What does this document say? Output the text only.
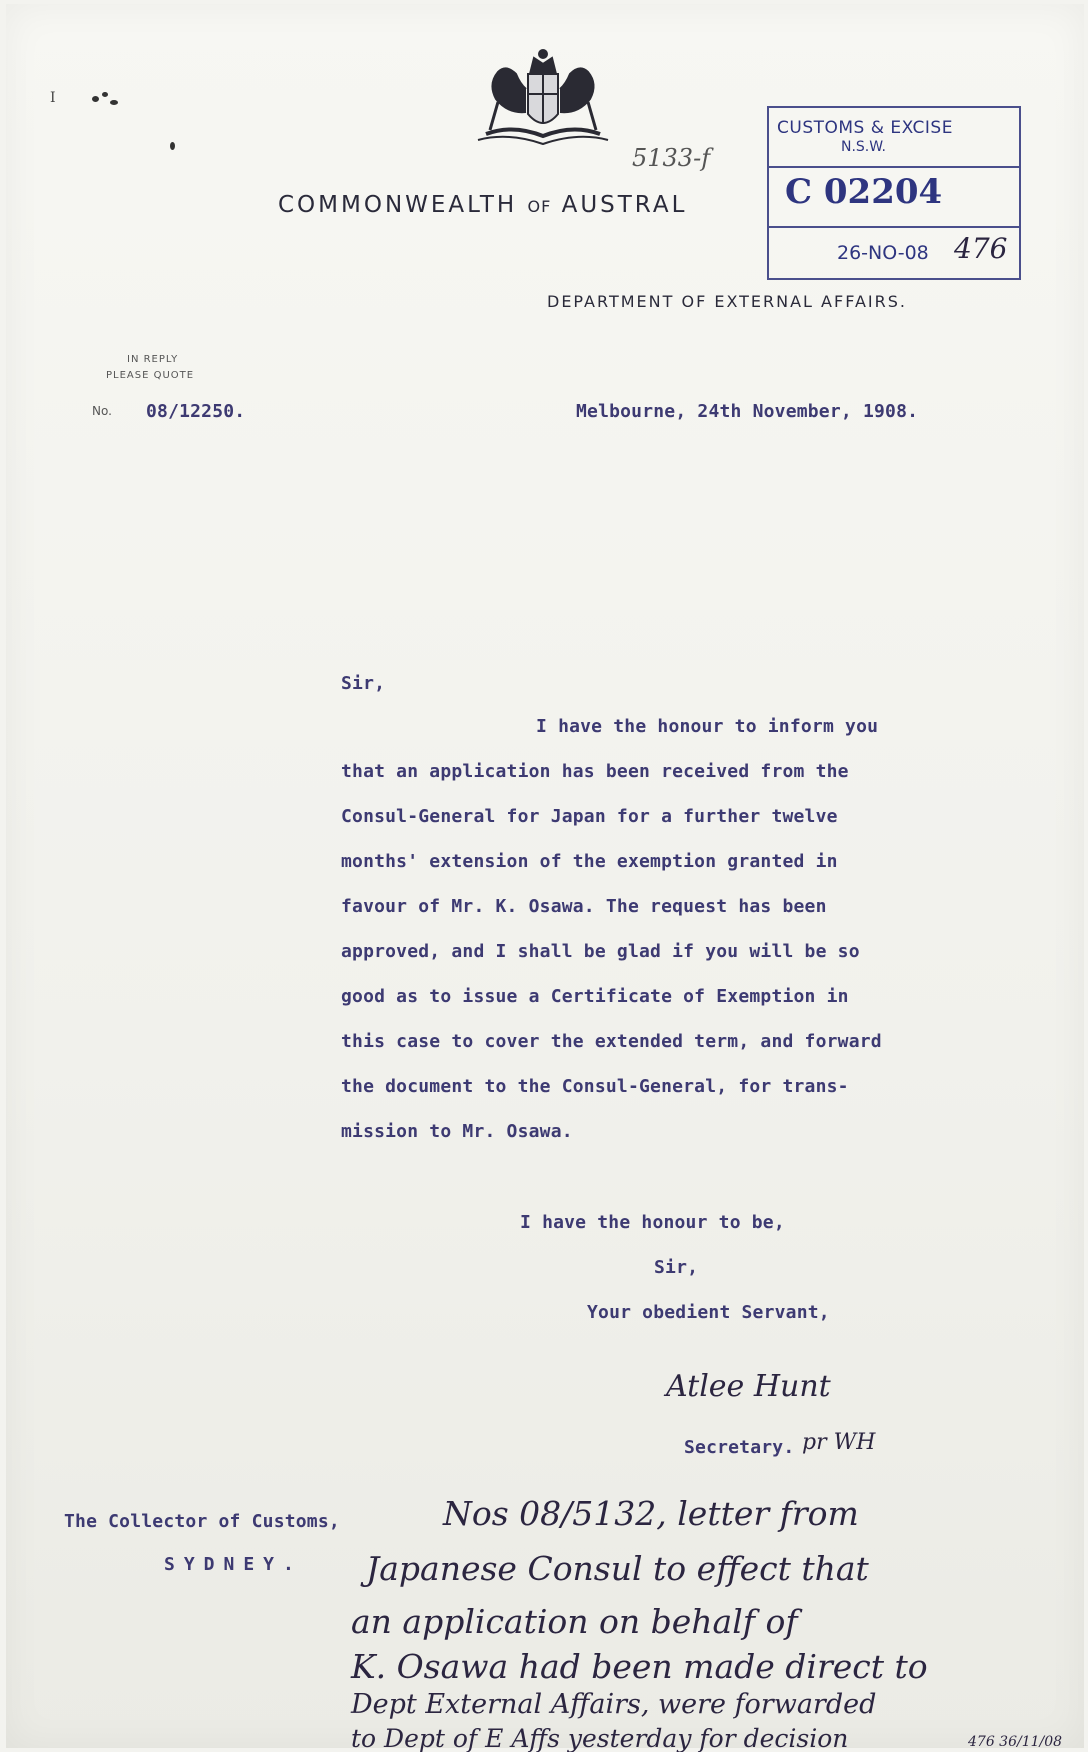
I
COMMONWEALTH OF AUSTRAL
5133-f
CUSTOMS & EXCISE
N.S.W.
C 02204
26-NO-08 476
DEPARTMENT OF EXTERNAL AFFAIRS.
IN REPLY
PLEASE QUOTE
No. 08/12250.	Melbourne, 24th November, 1908.
Sir,
I have the honour to inform you
that an application has been received from the
Consul-General for Japan for a further twelve
months' extension of the exemption granted in
favour of Mr. K. Osawa. The request has been
approved, and I shall be glad if you will be so
good as to issue a Certificate of Exemption in
this case to cover the extended term, and forward
the document to the Consul-General, for trans-
mission to Mr. Osawa.
I have the honour to be,
Sir,
Your obedient Servant,
Atlee Hunt
Secretary. pr WH
The Collector of Customs,
SYDNEY.
Nos 08/5132, letter from
Japanese Consul to effect that
an application on behalf of
K. Osawa had been made direct to
Dept External Affairs, were forwarded
to Dept of E Affs yesterday for decision	476 36/11/08
